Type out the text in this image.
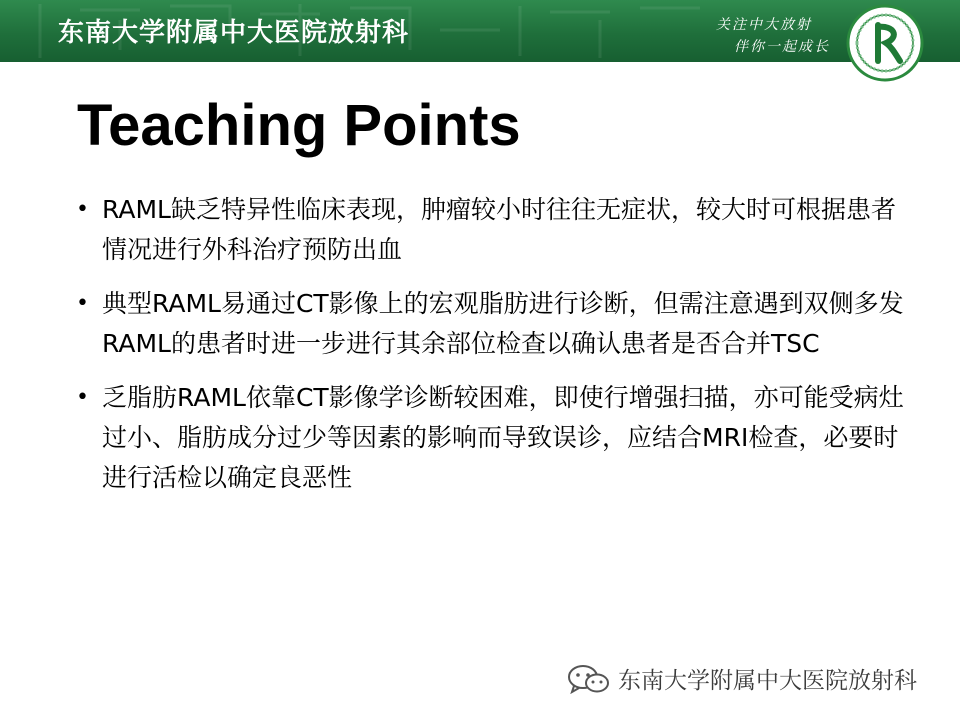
东南大学附属中大医院放射科	关注中大放射
伴你一起成长
Teaching Points
• RAML缺乏特异性临床表现，肿瘤较小时往往无症状，较大时可根据患者情况进行外科治疗预防出血
• 典型RAML易通过CT影像上的宏观脂肪进行诊断，但需注意遇到双侧多发RAML的患者时进一步进行其余部位检查以确认患者是否合并TSC
• 乏脂肪RAML依靠CT影像学诊断较困难，即使行增强扫描，亦可能受病灶过小、脂肪成分过少等因素的影响而导致误诊，应结合MRI检查，必要时进行活检以确定良恶性
东南大学附属中大医院放射科
